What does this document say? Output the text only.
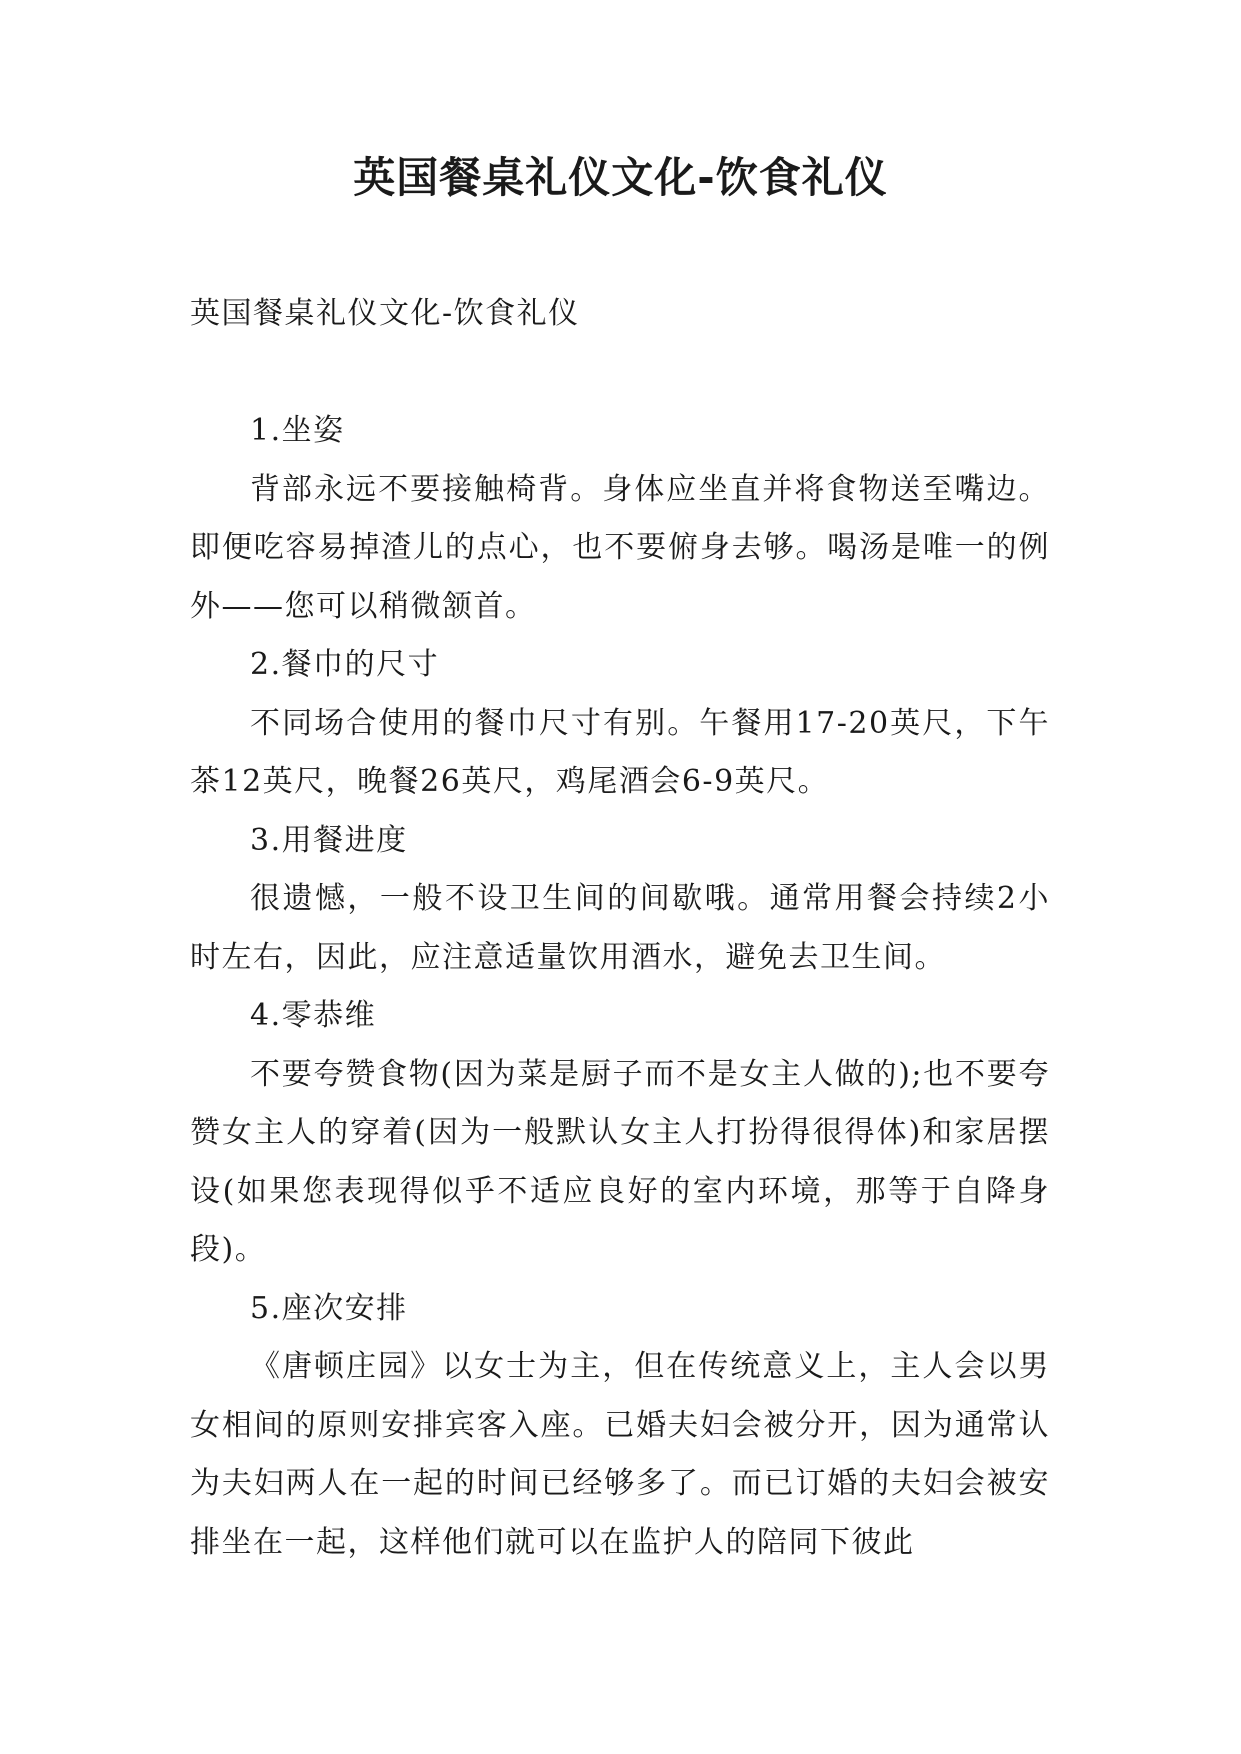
英国餐桌礼仪文化-饮食礼仪

英国餐桌礼仪文化-饮食礼仪

1.坐姿

背部永远不要接触椅背。身体应坐直并将食物送至嘴边。即便吃容易掉渣儿的点心，也不要俯身去够。喝汤是唯一的例外——您可以稍微颔首。

2.餐巾的尺寸

不同场合使用的餐巾尺寸有别。午餐用17-20英尺，下午茶12英尺，晚餐26英尺，鸡尾酒会6-9英尺。

3.用餐进度

很遗憾，一般不设卫生间的间歇哦。通常用餐会持续2小时左右，因此，应注意适量饮用酒水，避免去卫生间。

4.零恭维

不要夸赞食物(因为菜是厨子而不是女主人做的);也不要夸赞女主人的穿着(因为一般默认女主人打扮得很得体)和家居摆设(如果您表现得似乎不适应良好的室内环境，那等于自降身段)。

5.座次安排

《唐顿庄园》以女士为主，但在传统意义上，主人会以男女相间的原则安排宾客入座。已婚夫妇会被分开，因为通常认为夫妇两人在一起的时间已经够多了。而已订婚的夫妇会被安排坐在一起，这样他们就可以在监护人的陪同下彼此
